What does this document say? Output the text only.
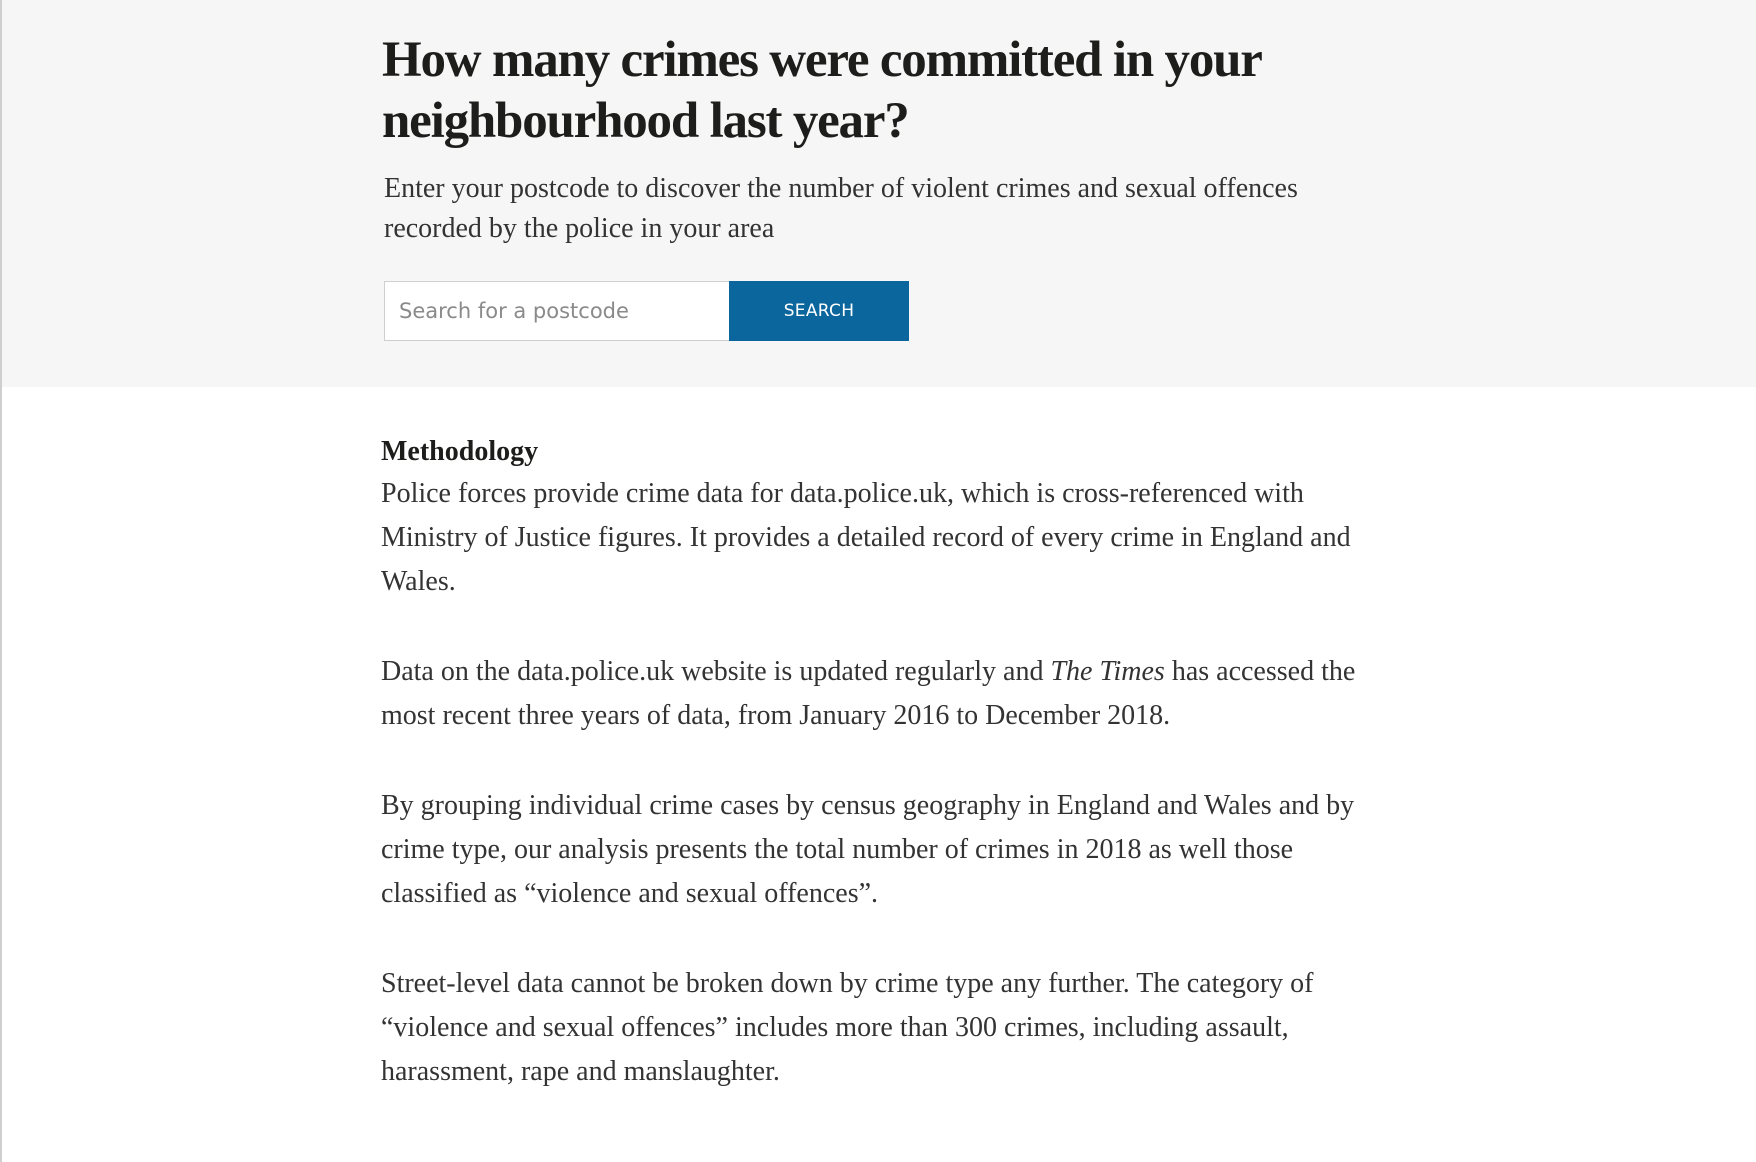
How many crimes were committed in your neighbourhood last year?

Enter your postcode to discover the number of violent crimes and sexual offences recorded by the police in your area

Search for a postcode
SEARCH
Methodology

Police forces provide crime data for data.police.uk, which is cross-referenced with Ministry of Justice figures. It provides a detailed record of every crime in England and Wales.

Data on the data.police.uk website is updated regularly and The Times has accessed the most recent three years of data, from January 2016 to December 2018.

By grouping individual crime cases by census geography in England and Wales and by crime type, our analysis presents the total number of crimes in 2018 as well those classified as “violence and sexual offences”.

Street-level data cannot be broken down by crime type any further. The category of “violence and sexual offences” includes more than 300 crimes, including assault, harassment, rape and manslaughter.
